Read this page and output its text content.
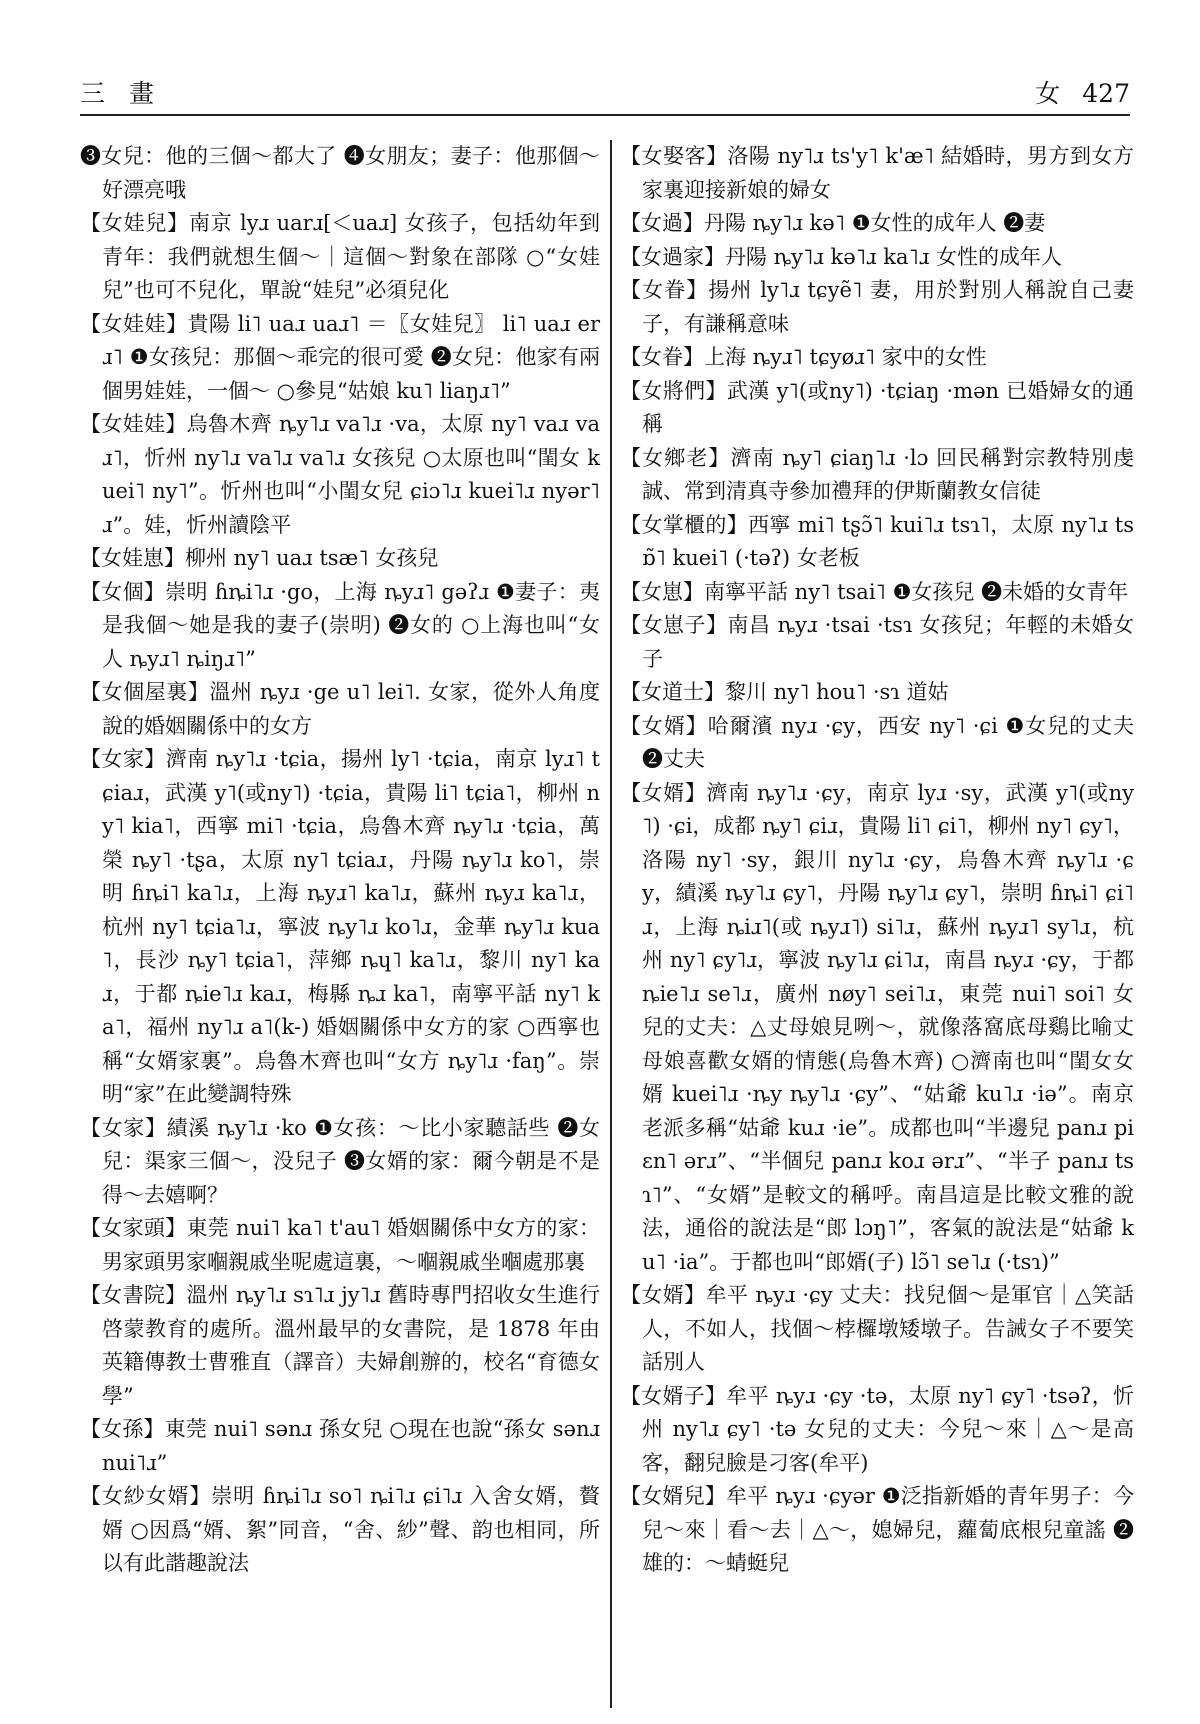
三 畫	女 427

❸女兒：他的三個～都大了 ❹女朋友；妻子：他那個～好漂亮哦

【女娃兒】南京 lyɹ uarɹ[＜uaɹ] 女孩子，包括幼年到青年：我們就想生個～｜這個～對象在部隊 ○“女娃兒”也可不兒化，單說“娃兒”必須兒化

【女娃娃】貴陽 li˥ uaɹ uaɹ˥ ＝〖女娃兒〗 li˥ uaɹ erɹ˥ ❶女孩兒：那個～乖完的很可愛 ❷女兒：他家有兩個男娃娃，一個～ ○參見“姑娘 ku˥ liaŋɹ˥”

【女娃娃】烏魯木齊 ȵy˥ɹ va˥ɹ ·va，太原 ny˥ vaɹ vaɹ˥，忻州 ny˥ɹ va˥ɹ va˥ɹ 女孩兒 ○太原也叫“閨女 kuei˥ ny˥”。忻州也叫“小閨女兒 ɕiɔ˥ɹ kuei˥ɹ nyər˥ɹ”。娃，忻州讀陰平

【女娃崽】柳州 ny˥ uaɹ tsæ˥ 女孩兒

【女個】崇明 ɦȵi˥ɹ ·go，上海 ȵyɹ˥ gəʔɹ ❶妻子：夷是我個～她是我的妻子(崇明) ❷女的 ○上海也叫“女人 ȵyɹ˥ ȵiŋɹ˥”

【女個屋裏】溫州 ȵyɹ ·ge u˥ lei˥. 女家，從外人角度說的婚姻關係中的女方

【女家】濟南 ȵy˥ɹ ·tɕia，揚州 ly˥ ·tɕia，南京 lyɹ˥ tɕiaɹ，武漢 y˥(或ny˥) ·tɕia，貴陽 li˥ tɕia˥，柳州 ny˥ kia˥，西寧 mi˥ ·tɕia，烏魯木齊 ȵy˥ɹ ·tɕia，萬榮 ȵy˥ ·tʂa，太原 ny˥ tɕiaɹ，丹陽 ȵy˥ɹ ko˥，崇明 ɦȵi˥ ka˥ɹ，上海 ȵyɹ˥ ka˥ɹ，蘇州 ȵyɹ ka˥ɹ，杭州 ny˥ tɕia˥ɹ，寧波 ȵy˥ɹ ko˥ɹ，金華 ȵy˥ɹ kua˥，長沙 ȵy˥ tɕia˥，萍鄉 ȵɥ˥ ka˥ɹ，黎川 ny˥ kaɹ，于都 ȵie˥ɹ kaɹ，梅縣 ȵɹ ka˥，南寧平話 ny˥ ka˥，福州 ny˥ɹ a˥(k-) 婚姻關係中女方的家 ○西寧也稱“女婿家裏”。烏魯木齊也叫“女方 ȵy˥ɹ ·faŋ”。崇明“家”在此變調特殊

【女家】績溪 ȵy˥ɹ ·ko ❶女孩：～比小家聽話些 ❷女兒：渠家三個～，没兒子 ❸女婿的家：爾今朝是不是得～去嬉啊？

【女家頭】東莞 nui˥ ka˥ t'au˥ 婚姻關係中女方的家：男家頭男家嗰親戚坐呢處這裏，～嗰親戚坐嗰處那裏

【女書院】溫州 ȵy˥ɹ sɿ˥ɹ jy˥ɹ 舊時專門招收女生進行啓蒙教育的處所。溫州最早的女書院，是 1878 年由英籍傳教士曹雅直（譯音）夫婦創辦的，校名“育德女學”

【女孫】東莞 nui˥ sənɹ 孫女兒 ○現在也說“孫女 sənɹ nui˥ɹ”

【女紗女婿】崇明 ɦȵi˥ɹ so˥ ȵi˥ɹ ɕi˥ɹ 入舍女婿，贅婿 ○因爲“婿、絮”同音，“舍、紗”聲、韵也相同，所以有此諧趣說法

【女娶客】洛陽 ny˥ɹ ts'y˥ k'æ˥ 結婚時，男方到女方家裏迎接新娘的婦女

【女過】丹陽 ȵy˥ɹ kə˥ ❶女性的成年人 ❷妻

【女過家】丹陽 ȵy˥ɹ kə˥ɹ ka˥ɹ 女性的成年人

【女眷】揚州 ly˥ɹ tɕyẽ˥ 妻，用於對別人稱說自己妻子，有謙稱意味

【女眷】上海 ȵyɹ˥ tɕyøɹ˥ 家中的女性

【女將們】武漢 y˥(或ny˥) ·tɕiaŋ ·mən 已婚婦女的通稱

【女鄉老】濟南 ȵy˥ ɕiaŋ˥ɹ ·lɔ 回民稱對宗教特別虔誠、常到清真寺參加禮拜的伊斯蘭教女信徒

【女掌櫃的】西寧 mi˥ tʂɔ̃˥ kui˥ɹ tsɿ˥，太原 ny˥ɹ tsɒ̃˥ kuei˥ (·təʔ) 女老板

【女崽】南寧平話 ny˥ tsai˥ ❶女孩兒 ❷未婚的女青年

【女崽子】南昌 ȵyɹ ·tsai ·tsɿ 女孩兒；年輕的未婚女子

【女道士】黎川 ny˥ hou˥ ·sɿ 道姑

【女婿】哈爾濱 nyɹ ·ɕy，西安 ny˥ ·ɕi ❶女兒的丈夫 ❷丈夫

【女婿】濟南 ȵy˥ɹ ·ɕy，南京 lyɹ ·sy，武漢 y˥(或ny˥) ·ɕi，成都 ȵy˥ ɕiɹ，貴陽 li˥ ɕi˥，柳州 ny˥ ɕy˥，洛陽 ny˥ ·sy，銀川 ny˥ɹ ·ɕy，烏魯木齊 ȵy˥ɹ ·ɕy，績溪 ȵy˥ɹ ɕy˥，丹陽 ȵy˥ɹ ɕy˥，崇明 ɦȵi˥ ɕi˥ɹ，上海 ȵiɹ˥(或 ȵyɹ˥) si˥ɹ，蘇州 ȵyɹ˥ sy˥ɹ，杭州 ny˥ ɕy˥ɹ，寧波 ȵy˥ɹ ɕi˥ɹ，南昌 ȵyɹ ·ɕy，于都 ȵie˥ɹ se˥ɹ，廣州 nøy˥ sei˥ɹ，東莞 nui˥ soi˥ 女兒的丈夫：△丈母娘見咧～，就像落窩底母鷄比喻丈母娘喜歡女婿的情態(烏魯木齊) ○濟南也叫“閨女女婿 kuei˥ɹ ·ȵy ȵy˥ɹ ·ɕy”、“姑爺 ku˥ɹ ·iə”。南京老派多稱“姑爺 kuɹ ·ie”。成都也叫“半邊兒 panɹ piɛn˥ ərɹ”、“半個兒 panɹ koɹ ərɹ”、“半子 panɹ tsɿ˥”、“女婿”是較文的稱呼。南昌這是比較文雅的說法，通俗的說法是“郎 lɔŋ˥”，客氣的說法是“姑爺 ku˥ ·ia”。于都也叫“郎婿(子) lɔ̃˥ se˥ɹ (·tsɿ)”

【女婿】牟平 ȵyɹ ·ɕy 丈夫：找兒個～是軍官｜△笑話人，不如人，找個～桲欏墩矮墩子。告誡女子不要笑話別人

【女婿子】牟平 ȵyɹ ·ɕy ·tə，太原 ny˥ ɕy˥ ·tsəʔ，忻州 ny˥ɹ ɕy˥ ·tə 女兒的丈夫：今兒～來｜△～是高客，翻兒臉是刁客(牟平)

【女婿兒】牟平 ȵyɹ ·ɕyər ❶泛指新婚的青年男子：今兒～來｜看～去｜△～，媳婦兒，蘿蔔底根兒童謠 ❷雄的：～蜻蜓兒
